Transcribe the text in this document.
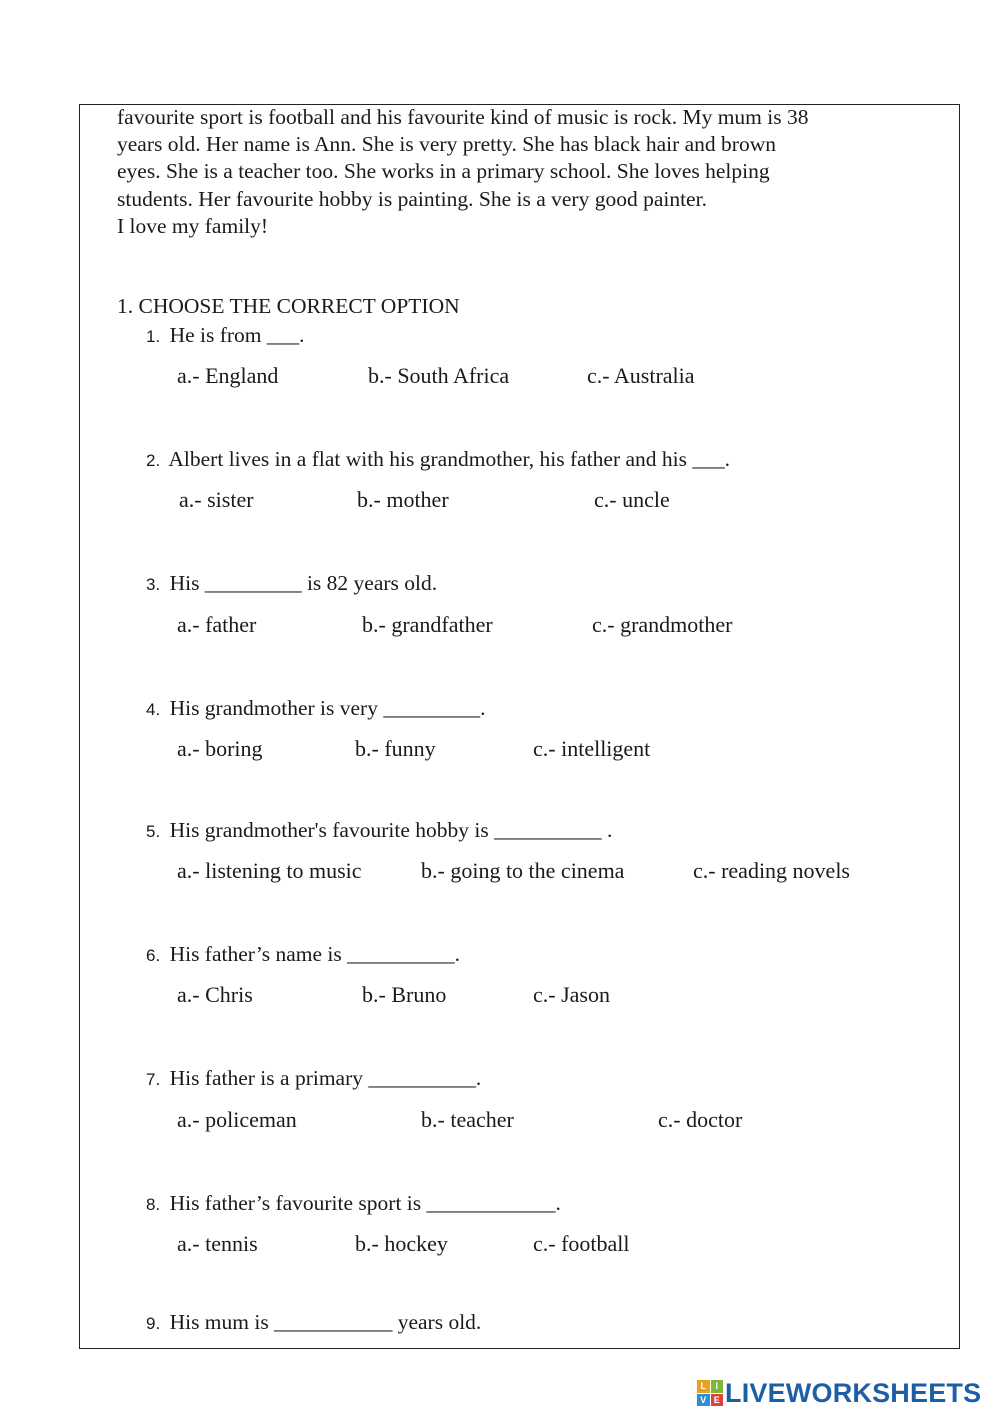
favourite sport is football and his favourite kind of music is rock. My mum is 38

years old. Her name is Ann. She is very pretty. She has black hair and brown

eyes. She is a teacher too. She works in a primary school. She loves helping

students. Her favourite hobby is painting. She is a very good painter.

I love my family!

1. CHOOSE THE CORRECT OPTION
1. He is from ___.
a.- England	b.- South Africa	c.- Australia
2. Albert lives in a flat with his grandmother, his father and his ___.
a.- sister	b.- mother	c.- uncle
3. His _________ is 82 years old.
a.- father	b.- grandfather	c.- grandmother
4. His grandmother is very _________.
a.- boring	b.- funny	c.- intelligent
5. His grandmother's favourite hobby is __________ .
a.- listening to music	b.- going to the cinema	c.- reading novels
6. His father’s name is __________.
a.- Chris	b.- Bruno	c.- Jason
7. His father is a primary __________.
a.- policeman	b.- teacher	c.- doctor
8. His father’s favourite sport is ____________.
a.- tennis	b.- hockey	c.- football
9. His mum is ___________ years old.
L	I
V E LIVEWORKSHEETS
